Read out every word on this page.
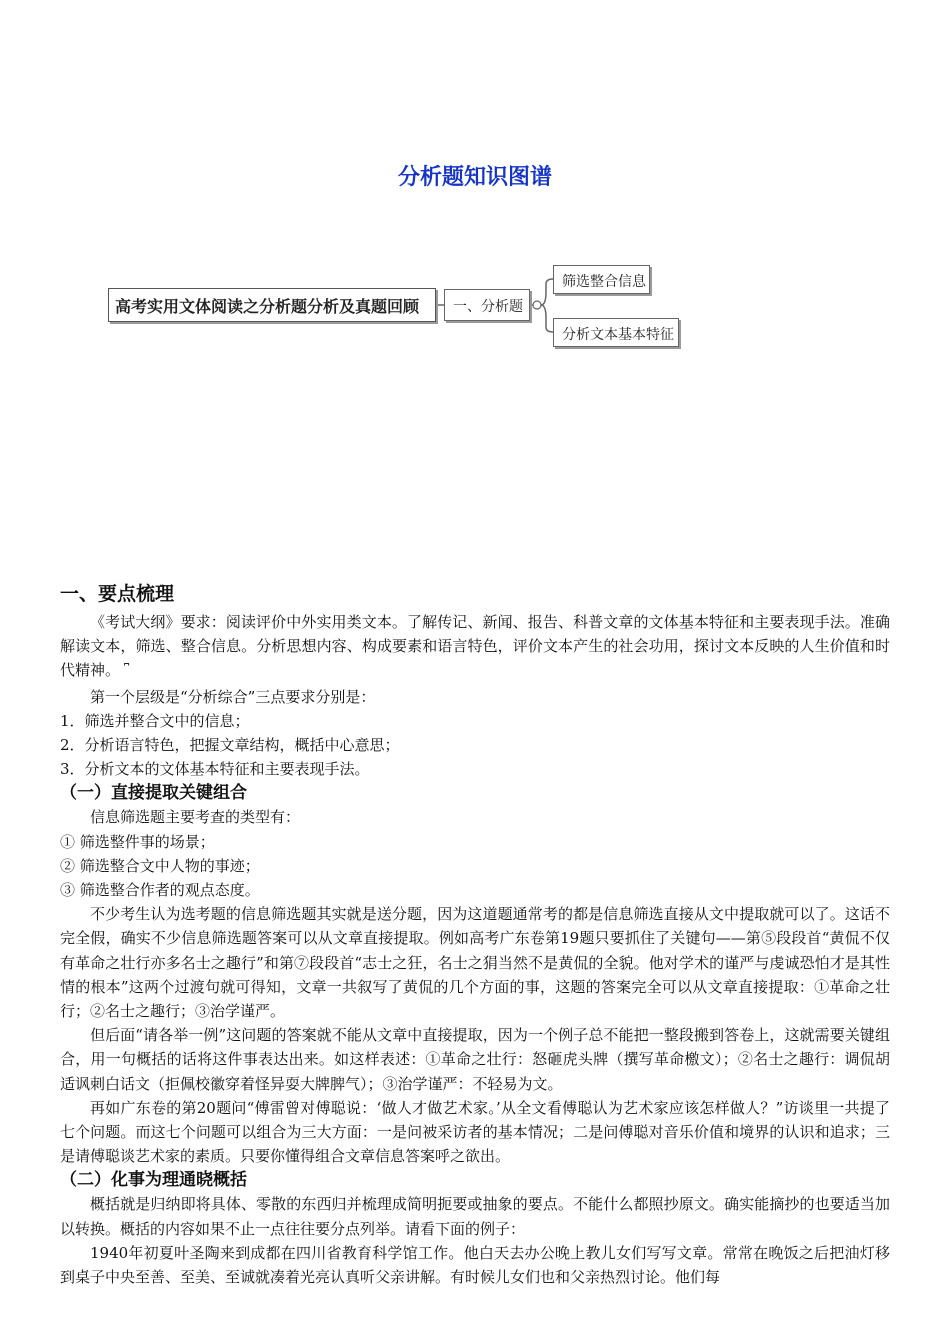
分析题知识图谱
高考实用文体阅读之分析题分析及真题回顾	一、分析题
筛选整合信息
分析文本基本特征
一、要点梳理

《考试大纲》要求：阅读评价中外实用类文本。了解传记、新闻、报告、科普文章的文体基本特征和主要表现手法。准确解读文本，筛选、整合信息。分析思想内容、构成要素和语言特色，评价文本产生的社会功用，探讨文本反映的人生价值和时代精神。 ⎴

第一个层级是“分析综合”三点要求分别是：

1．筛选并整合文中的信息；

2．分析语言特色，把握文章结构，概括中心意思；

3．分析文本的文体基本特征和主要表现手法。

（一）直接提取关键组合

信息筛选题主要考查的类型有：

① 筛选整件事的场景；

② 筛选整合文中人物的事迹；

③ 筛选整合作者的观点态度。

不少考生认为选考题的信息筛选题其实就是送分题，因为这道题通常考的都是信息筛选直接从文中提取就可以了。这话不完全假，确实不少信息筛选题答案可以从文章直接提取。例如高考广东卷第19题只要抓住了关键句——第⑤段段首“黄侃不仅有革命之壮行亦多名士之趣行”和第⑦段段首“志士之狂，名士之狷当然不是黄侃的全貌。他对学术的谨严与虔诚恐怕才是其性情的根本”这两个过渡句就可得知，文章一共叙写了黄侃的几个方面的事，这题的答案完全可以从文章直接提取：①革命之壮行；②名士之趣行；③治学谨严。

但后面“请各举一例”这问题的答案就不能从文章中直接提取，因为一个例子总不能把一整段搬到答卷上，这就需要关键组合，用一句概括的话将这件事表达出来。如这样表述：①革命之壮行：怒砸虎头牌（撰写革命檄文）；②名士之趣行：调侃胡适讽刺白话文（拒佩校徽穿着怪异耍大牌脾气）；③治学谨严：不轻易为文。

再如广东卷的第20题问“傅雷曾对傅聪说：‘做人才做艺术家。’从全文看傅聪认为艺术家应该怎样做人？”访谈里一共提了七个问题。而这七个问题可以组合为三大方面：一是问被采访者的基本情况；二是问傅聪对音乐价值和境界的认识和追求；三是请傅聪谈艺术家的素质。只要你懂得组合文章信息答案呼之欲出。

（二）化事为理通晓概括

概括就是归纳即将具体、零散的东西归并梳理成简明扼要或抽象的要点。不能什么都照抄原文。确实能摘抄的也要适当加以转换。概括的内容如果不止一点往往要分点列举。请看下面的例子：

1940年初夏叶圣陶来到成都在四川省教育科学馆工作。他白天去办公晚上教儿女们写写文章。常常在晚饭之后把油灯移到桌子中央至善、至美、至诚就凑着光亮认真听父亲讲解。有时候儿女们也和父亲热烈讨论。他们每
